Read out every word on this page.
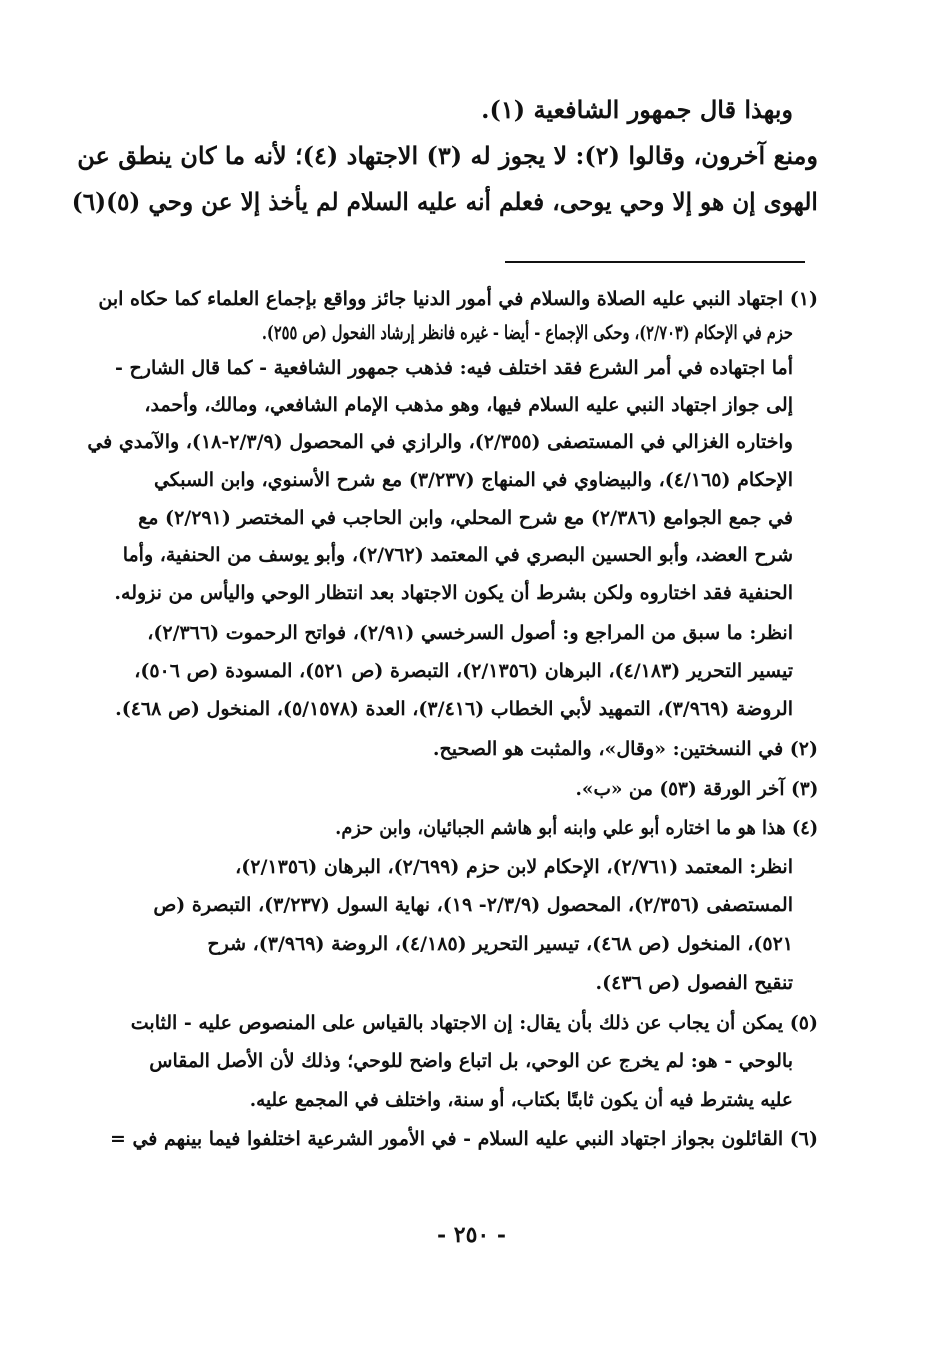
وبهذا قال جمهور الشافعية (١).
ومنع آخرون، وقالوا (٢): لا يجوز له (٣) الاجتهاد (٤)؛ لأنه ما كان ينطق عن
الهوى إن هو إلا وحي يوحى، فعلم أنه عليه السلام لم يأخذ إلا عن وحي (٥)(٦)
(١) اجتهاد النبي عليه الصلاة والسلام في أمور الدنيا جائز وواقع بإجماع العلماء كما حكاه ابن
حزم في الإحكام (٢/٧٠٣)، وحكى الإجماع - أيضا - غيره فانظر إرشاد الفحول (ص ٢٥٥).
أما اجتهاده في أمر الشرع فقد اختلف فيه: فذهب جمهور الشافعية - كما قال الشارح -
إلى جواز اجتهاد النبي عليه السلام فيها، وهو مذهب الإمام الشافعي، ومالك، وأحمد،
واختاره الغزالي في المستصفى (٢/٣٥٥)، والرازي في المحصول (٢/٣/٩-١٨)، والآمدي في
الإحكام (٤/١٦٥)، والبيضاوي في المنهاج (٣/٢٣٧) مع شرح الأسنوي، وابن السبكي
في جمع الجوامع (٢/٣٨٦) مع شرح المحلي، وابن الحاجب في المختصر (٢/٢٩١) مع
شرح العضد، وأبو الحسين البصري في المعتمد (٢/٧٦٢)، وأبو يوسف من الحنفية، وأما
الحنفية فقد اختاروه ولكن بشرط أن يكون الاجتهاد بعد انتظار الوحي واليأس من نزوله.
انظر: ما سبق من المراجع و: أصول السرخسي (٢/٩١)، فواتح الرحموت (٢/٣٦٦)،
تيسير التحرير (٤/١٨٣)، البرهان (٢/١٣٥٦)، التبصرة (ص ٥٢١)، المسودة (ص ٥٠٦)،
الروضة (٣/٩٦٩)، التمهيد لأبي الخطاب (٣/٤١٦)، العدة (٥/١٥٧٨)، المنخول (ص ٤٦٨).
(٢) في النسختين: «وقال»، والمثبت هو الصحيح.
(٣) آخر الورقة (٥٣) من «ب».
(٤) هذا هو ما اختاره أبو علي وابنه أبو هاشم الجبائيان، وابن حزم.
انظر: المعتمد (٢/٧٦١)، الإحكام لابن حزم (٢/٦٩٩)، البرهان (٢/١٣٥٦)،
المستصفى (٢/٣٥٦)، المحصول (٢/٣/٩- ١٩)، نهاية السول (٣/٢٣٧)، التبصرة (ص
٥٢١)، المنخول (ص ٤٦٨)، تيسير التحرير (٤/١٨٥)، الروضة (٣/٩٦٩)، شرح
تنقيح الفصول (ص ٤٣٦).
(٥) يمكن أن يجاب عن ذلك بأن يقال: إن الاجتهاد بالقياس على المنصوص عليه - الثابت
بالوحي - هو: لم يخرج عن الوحي، بل اتباع واضح للوحي؛ وذلك لأن الأصل المقاس
عليه يشترط فيه أن يكون ثابتًا بكتاب، أو سنة، واختلف في المجمع عليه.
(٦) القائلون بجواز اجتهاد النبي عليه السلام - في الأمور الشرعية اختلفوا فيما بينهم في =
- ٢٥٠ -
